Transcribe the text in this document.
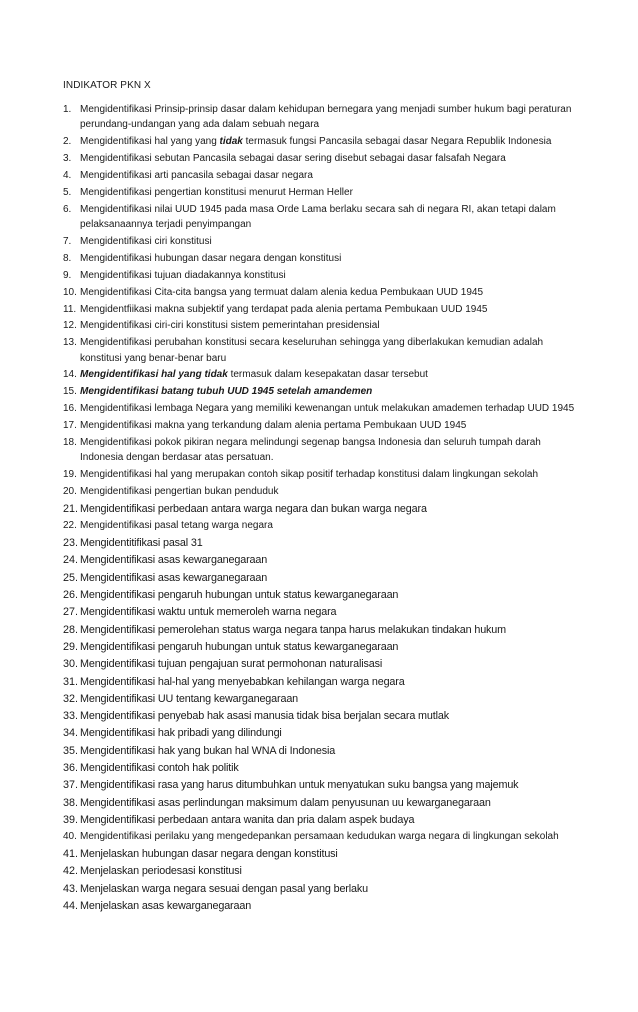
INDIKATOR PKN X
1. Mengidentifikasi Prinsip-prinsip dasar dalam kehidupan bernegara yang menjadi sumber hukum bagi peraturan perundang-undangan yang ada dalam sebuah negara
2. Mengidentifikasi hal yang yang tidak termasuk fungsi Pancasila sebagai dasar Negara Republik Indonesia
3. Mengidentifikasi sebutan Pancasila sebagai dasar sering disebut sebagai dasar falsafah Negara
4. Mengidentifikasi arti pancasila sebagai dasar negara
5. Mengidentifikasi pengertian konstitusi menurut Herman Heller
6. Mengidentifikasi nilai UUD 1945 pada masa Orde Lama berlaku secara sah di negara RI, akan tetapi dalam pelaksanaannya terjadi penyimpangan
7. Mengidentifikasi ciri konstitusi
8. Mengidentifikasi hubungan dasar negara dengan konstitusi
9. Mengidentifikasi tujuan diadakannya konstitusi
10. Mengidentifikasi Cita-cita bangsa yang termuat dalam alenia kedua Pembukaan UUD 1945
11. Mengidentfiikasi makna subjektif yang terdapat pada alenia pertama Pembukaan UUD 1945
12. Mengidentifikasi ciri-ciri konstitusi sistem pemerintahan presidensial
13. Mengidentifikasi perubahan konstitusi secara keseluruhan sehingga yang diberlakukan kemudian adalah konstitusi yang benar-benar baru
14. Mengidentifikasi hal yang tidak termasuk dalam kesepakatan dasar tersebut
15. Mengidentifikasi batang tubuh UUD 1945 setelah amandemen
16. Mengidentifikasi lembaga Negara yang memiliki kewenangan untuk melakukan amademen terhadap UUD 1945
17. Mengidentifikasi makna yang terkandung dalam alenia pertama Pembukaan UUD 1945
18. Mengidentifikasi pokok pikiran negara melindungi segenap bangsa Indonesia dan seluruh tumpah darah Indonesia dengan berdasar atas persatuan.
19. Mengidentifikasi hal yang merupakan contoh sikap positif terhadap konstitusi dalam lingkungan sekolah
20. Mengidentifikasi pengertian bukan penduduk
21. Mengidentifikasi perbedaan antara warga negara dan bukan warga negara
22. Mengidentifikasi pasal tetang warga negara
23. Mengidentitifikasi pasal 31
24. Mengidentifikasi asas kewarganegaraan
25. Mengidentifikasi asas kewarganegaraan
26. Mengidentifikasi pengaruh hubungan untuk status kewarganegaraan
27. Mengidentifikasi waktu untuk memeroleh warna negara
28. Mengidentifikasi pemerolehan status warga negara tanpa harus melakukan tindakan hukum
29. Mengidentifikasi pengaruh hubungan untuk status kewarganegaraan
30. Mengidentifikasi tujuan pengajuan surat permohonan naturalisasi
31. Mengidentifikasi hal-hal yang menyebabkan kehilangan warga negara
32. Mengidentifikasi UU tentang kewarganegaraan
33. Mengidentifikasi penyebab hak asasi manusia tidak bisa berjalan secara mutlak
34. Mengidentifikasi hak pribadi yang dilindungi
35. Mengidentifikasi hak yang bukan hal WNA di Indonesia
36. Mengidentifikasi contoh hak politik
37. Mengidentifikasi rasa yang harus ditumbuhkan untuk menyatukan suku bangsa yang majemuk
38. Mengidentifikasi asas perlindungan maksimum dalam penyusunan uu kewarganegaraan
39. Mengidentifikasi perbedaan antara wanita dan pria dalam aspek budaya
40. Mengidentifikasi perilaku yang mengedepankan persamaan kedudukan warga negara di lingkungan sekolah
41. Menjelaskan hubungan dasar negara dengan konstitusi
42. Menjelaskan periodesasi konstitusi
43. Menjelaskan warga negara sesuai dengan pasal yang berlaku
44. Menjelaskan asas kewarganegaraan
